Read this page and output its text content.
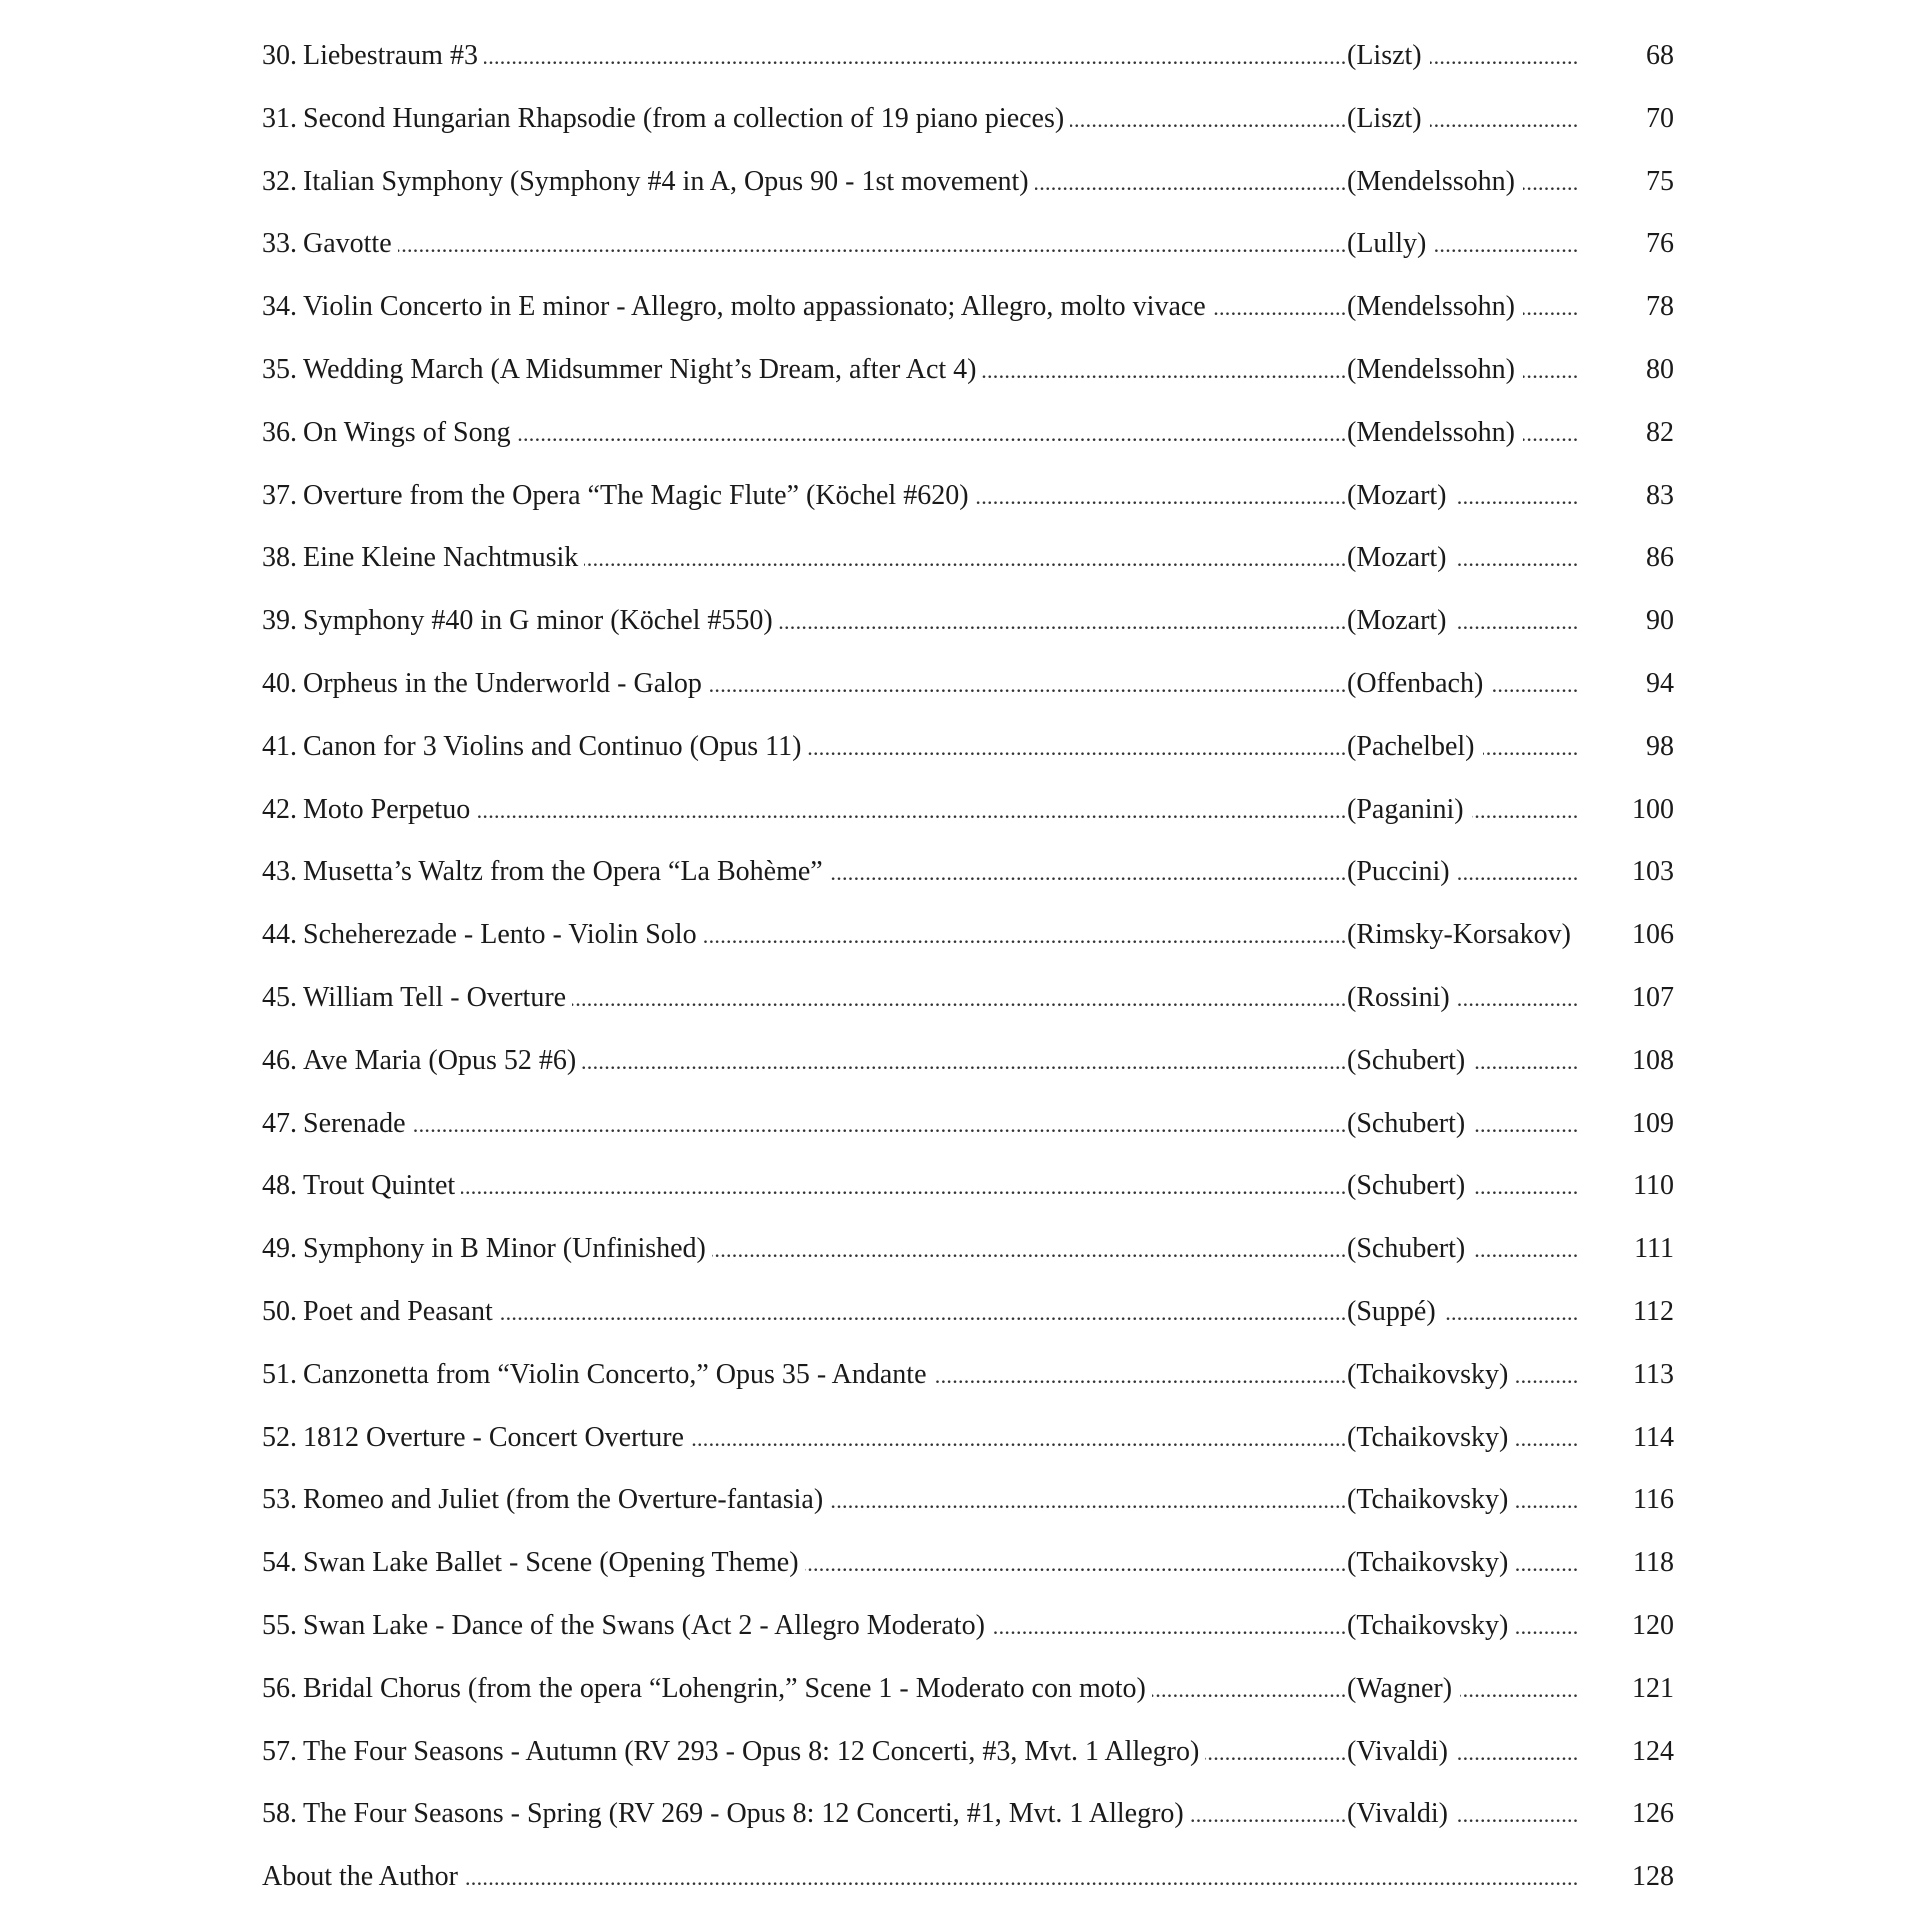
. . .
30. Liebestraum #3	(Liszt)	68
. . .
31. Second Hungarian Rhapsodie (from a collection of 19 piano pieces)	(Liszt)	70
. . .
32. Italian Symphony (Symphony #4 in A, Opus 90 - 1st movement)	(Mendelssohn)	75
. . .
33. Gavotte	(Lully)	76
. . .
34. Violin Concerto in E minor - Allegro, molto appassionato; Allegro, molto vivace	(Mendelssohn)	78
. . .
35. Wedding March (A Midsummer Night’s Dream, after Act 4)	(Mendelssohn)	80
. . .
36. On Wings of Song	(Mendelssohn)	82
. . .
37. Overture from the Opera “The Magic Flute” (Köchel #620)	(Mozart)	83
. . .
38. Eine Kleine Nachtmusik	(Mozart)	86
. . .
39. Symphony #40 in G minor (Köchel #550)	(Mozart)	90
. . .
40. Orpheus in the Underworld - Galop	(Offenbach)	94
. . .
41. Canon for 3 Violins and Continuo (Opus 11)	(Pachelbel)	98
. . .
42. Moto Perpetuo	(Paganini)	100
. . .
43. Musetta’s Waltz from the Opera “La Bohème”	(Puccini)	103
. . .
44. Scheherezade - Lento - Violin Solo	(Rimsky-Korsakov) 106
. . .
45. William Tell - Overture	(Rossini)	107
. . .
46. Ave Maria (Opus 52 #6)	(Schubert)	108
. . .
47. Serenade	(Schubert)	109
. . .
48. Trout Quintet	(Schubert)	110
. . .
49. Symphony in B Minor (Unfinished)	(Schubert)	111
. . .
50. Poet and Peasant	(Suppé)	112
. . .
51. Canzonetta from “Violin Concerto,” Opus 35 - Andante	(Tchaikovsky)	113
. . .
52. 1812 Overture - Concert Overture	(Tchaikovsky)	114
. . .
53. Romeo and Juliet (from the Overture-fantasia)	(Tchaikovsky)	116
. . .
54. Swan Lake Ballet - Scene (Opening Theme)	(Tchaikovsky)	118
. . .
55. Swan Lake - Dance of the Swans (Act 2 - Allegro Moderato)	(Tchaikovsky)	120
. . .
56. Bridal Chorus (from the opera “Lohengrin,” Scene 1 - Moderato con moto)	(Wagner)	121
. . .
57. The Four Seasons - Autumn (RV 293 - Opus 8: 12 Concerti, #3, Mvt. 1 Allegro)	(Vivaldi)	124
. . .
58. The Four Seasons - Spring (RV 269 - Opus 8: 12 Concerti, #1, Mvt. 1 Allegro)	(Vivaldi)	126
. . .
About the Author	128
